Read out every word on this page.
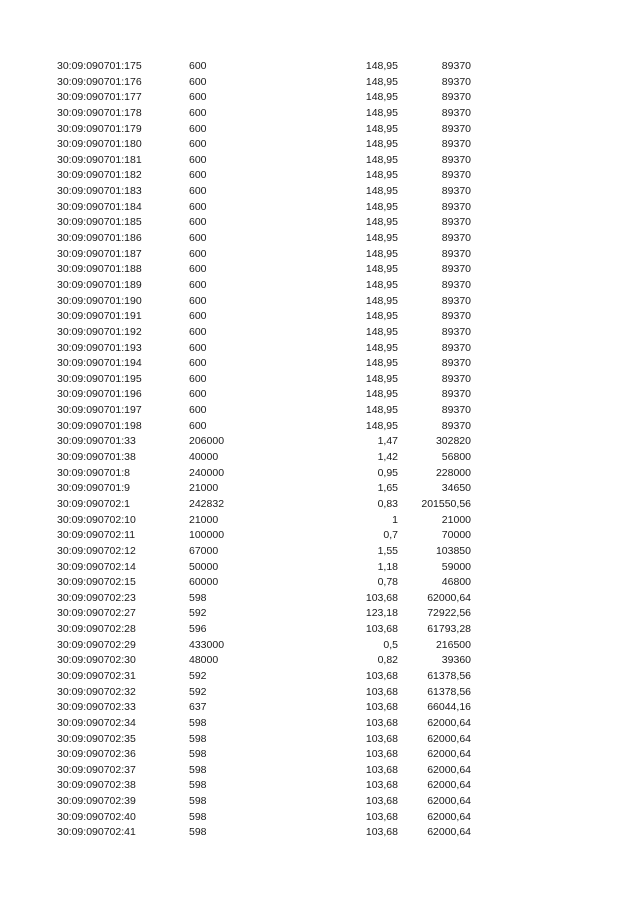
30:09:090701:175	600	148,95	89370
30:09:090701:176	600	148,95	89370
30:09:090701:177	600	148,95	89370
30:09:090701:178	600	148,95	89370
30:09:090701:179	600	148,95	89370
30:09:090701:180	600	148,95	89370
30:09:090701:181	600	148,95	89370
30:09:090701:182	600	148,95	89370
30:09:090701:183	600	148,95	89370
30:09:090701:184	600	148,95	89370
30:09:090701:185	600	148,95	89370
30:09:090701:186	600	148,95	89370
30:09:090701:187	600	148,95	89370
30:09:090701:188	600	148,95	89370
30:09:090701:189	600	148,95	89370
30:09:090701:190	600	148,95	89370
30:09:090701:191	600	148,95	89370
30:09:090701:192	600	148,95	89370
30:09:090701:193	600	148,95	89370
30:09:090701:194	600	148,95	89370
30:09:090701:195	600	148,95	89370
30:09:090701:196	600	148,95	89370
30:09:090701:197	600	148,95	89370
30:09:090701:198	600	148,95	89370
30:09:090701:33	206000	1,47	302820
30:09:090701:38	40000	1,42	56800
30:09:090701:8	240000	0,95	228000
30:09:090701:9	21000	1,65	34650
30:09:090702:1	242832	0,83 201550,56
30:09:090702:10	21000	1	21000
30:09:090702:11	100000	0,7	70000
30:09:090702:12	67000	1,55	103850
30:09:090702:14	50000	1,18	59000
30:09:090702:15	60000	0,78	46800
30:09:090702:23	598	103,68	62000,64
30:09:090702:27	592	123,18	72922,56
30:09:090702:28	596	103,68	61793,28
30:09:090702:29	433000	0,5	216500
30:09:090702:30	48000	0,82	39360
30:09:090702:31	592	103,68	61378,56
30:09:090702:32	592	103,68	61378,56
30:09:090702:33	637	103,68	66044,16
30:09:090702:34	598	103,68	62000,64
30:09:090702:35	598	103,68	62000,64
30:09:090702:36	598	103,68	62000,64
30:09:090702:37	598	103,68	62000,64
30:09:090702:38	598	103,68	62000,64
30:09:090702:39	598	103,68	62000,64
30:09:090702:40	598	103,68	62000,64
30:09:090702:41	598	103,68	62000,64
